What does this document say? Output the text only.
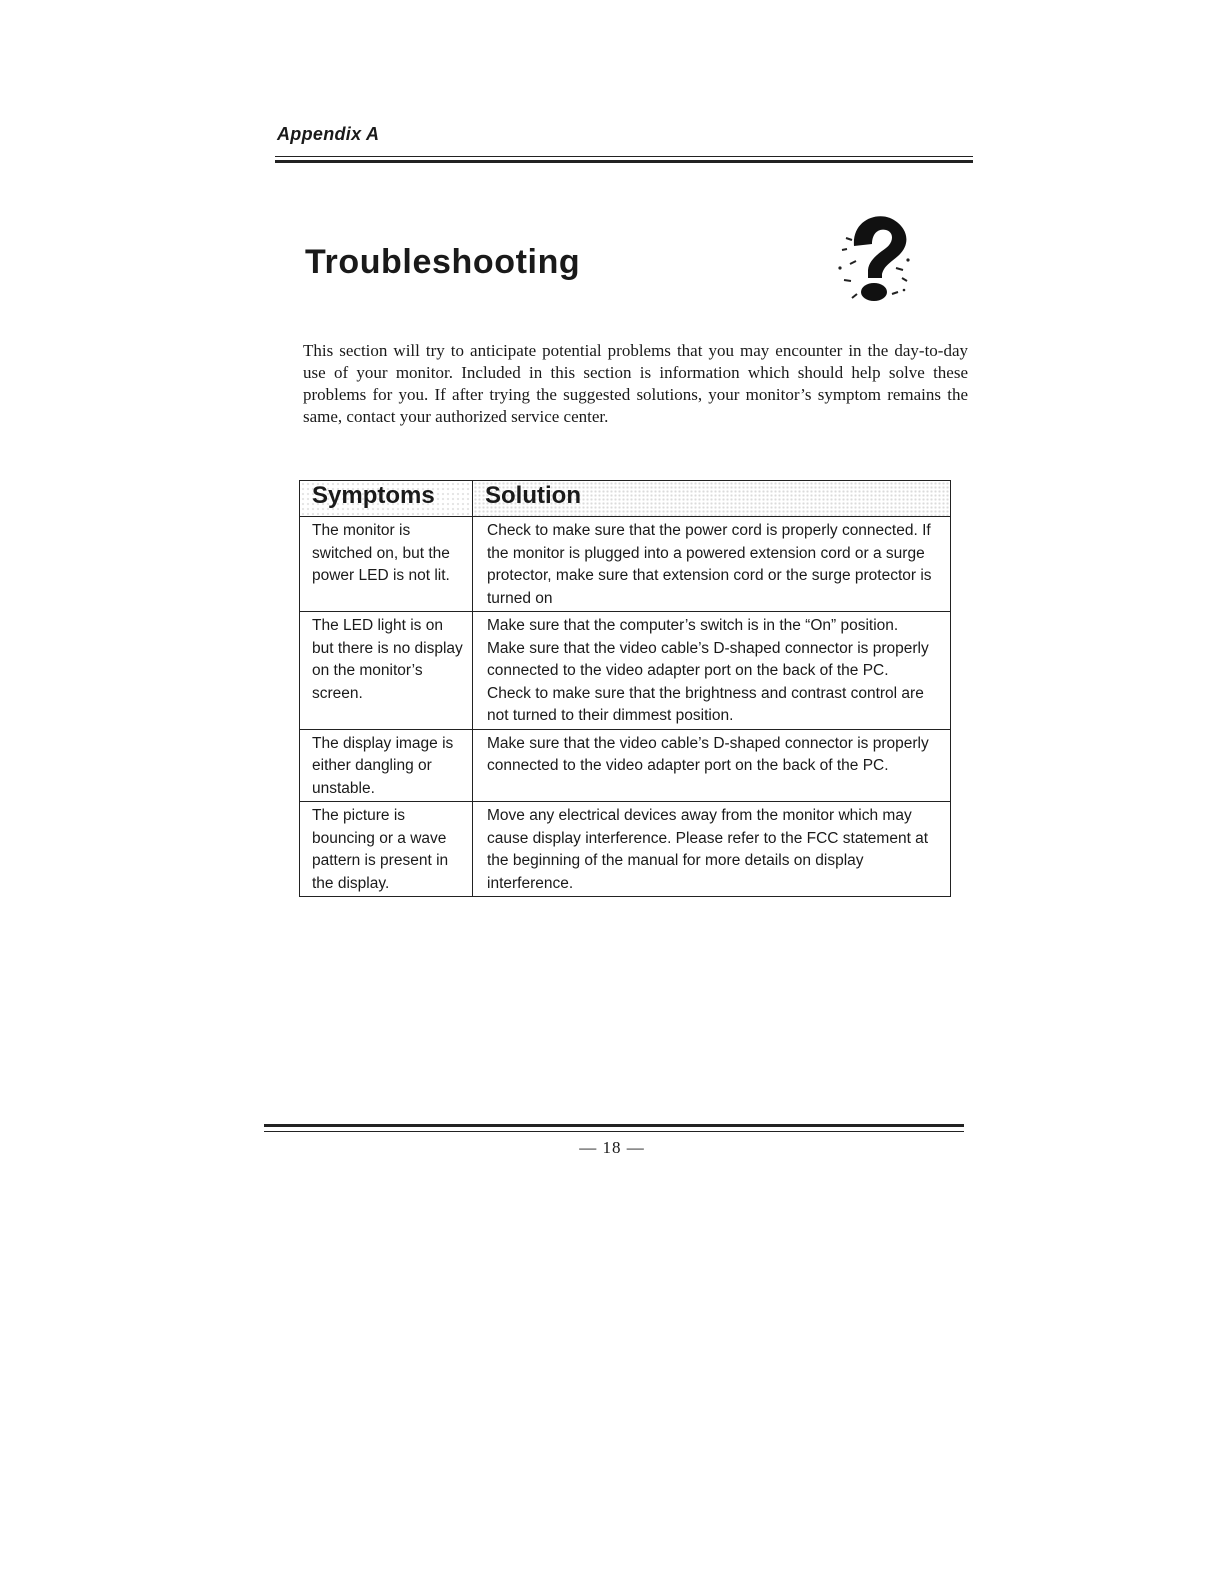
Appendix A
Troubleshooting

This section will try to anticipate potential problems that you may encounter in the day-to-day use of your monitor. Included in this section is information which should help solve these problems for you. If after trying the suggested solutions, your monitor’s symptom remains the same, contact your authorized service center.

Symptoms	Solution
The monitor is switched on, but the power LED is not lit.	Check to make sure that the power cord is properly connected. If the monitor is plugged into a powered extension cord or a surge protector, make sure that extension cord or the surge protector is turned on

The LED light is on but there is no display on the monitor’s screen.	Make sure that the computer’s switch is in the “On” position.
Make sure that the video cable’s D-shaped connector is properly connected to the video adapter port on the back of the PC.
Check to make sure that the brightness and contrast control are not turned to their dimmest position.

The display image is either dangling or unstable.	Make sure that the video cable’s D-shaped connector is properly connected to the video adapter port on the back of the PC.

The picture is bouncing or a wave pattern is present in the display.	Move any electrical devices away from the monitor which may cause display interference. Please refer to the FCC statement at the beginning of the manual for more details on display interference.
— 18 —
